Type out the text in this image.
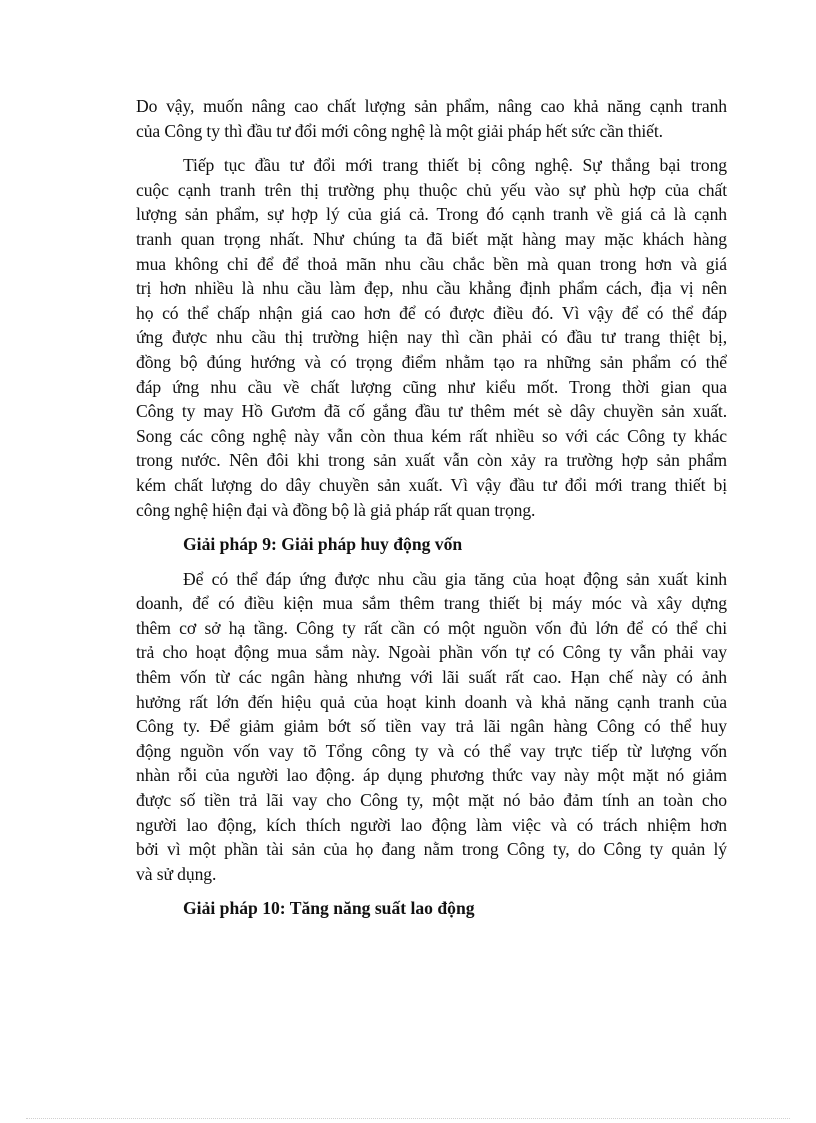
Do vậy, muốn nâng cao chất lượng sản phẩm, nâng cao khả năng cạnh tranh
của Công ty thì đầu tư đổi mới công nghệ là một giải pháp hết sức cần thiết.
Tiếp tục đầu tư đổi mới trang thiết bị công nghệ. Sự thắng bại trong
cuộc cạnh tranh trên thị trường phụ thuộc chủ yếu vào sự phù hợp của chất
lượng sản phẩm, sự hợp lý của giá cả. Trong đó cạnh tranh về giá cả là cạnh
tranh quan trọng nhất. Như chúng ta đã biết mặt hàng may mặc khách hàng
mua không chỉ để để thoả mãn nhu cầu chắc bền mà quan trong hơn và giá
trị hơn nhiều là nhu cầu làm đẹp, nhu cầu khẳng định phẩm cách, địa vị nên
họ có thể chấp nhận giá cao hơn để có được điều đó. Vì vậy để có thể đáp
ứng được nhu cầu thị trường hiện nay thì cần phải có đầu tư trang thiệt bị,
đồng bộ đúng hướng và có trọng điểm nhằm tạo ra những sản phẩm có thể
đáp ứng nhu cầu về chất lượng cũng như kiểu mốt. Trong thời gian qua
Công ty may Hồ Gươm đã cố gắng đầu tư thêm mét sè dây chuyền sản xuất.
Song các công nghệ này vẫn còn thua kém rất nhiều so với các Công ty khác
trong nước. Nên đôi khi trong sản xuất vẫn còn xảy ra trường hợp sản phẩm
kém chất lượng do dây chuyền sản xuất. Vì vậy đầu tư đổi mới trang thiết bị
công nghệ hiện đại và đồng bộ là giả pháp rất quan trọng.
Giải pháp 9: Giải pháp huy động vốn
Để có thể đáp ứng được nhu cầu gia tăng của hoạt động sản xuất kinh
doanh, để có điều kiện mua sắm thêm trang thiết bị máy móc và xây dựng
thêm cơ sở hạ tầng. Công ty rất cần có một nguồn vốn đủ lớn để có thể chi
trả cho hoạt động mua sắm này. Ngoài phần vốn tự có Công ty vẫn phải vay
thêm vốn từ các ngân hàng nhưng với lãi suất rất cao. Hạn chế này có ảnh
hưởng rất lớn đến hiệu quả của hoạt kinh doanh và khả năng cạnh tranh của
Công ty. Để giảm giảm bớt số tiền vay trả lãi ngân hàng Công có thể huy
động nguồn vốn vay tõ Tổng công ty và có thể vay trực tiếp từ lượng vốn
nhàn rỗi của người lao động. áp dụng phương thức vay này một mặt nó giảm
được số tiền trả lãi vay cho Công ty, một mặt nó bảo đảm tính an toàn cho
người lao động, kích thích người lao động làm việc và có trách nhiệm hơn
bởi vì một phần tài sản của họ đang nằm trong Công ty, do Công ty quản lý
và sử dụng.
Giải pháp 10: Tăng năng suất lao động
